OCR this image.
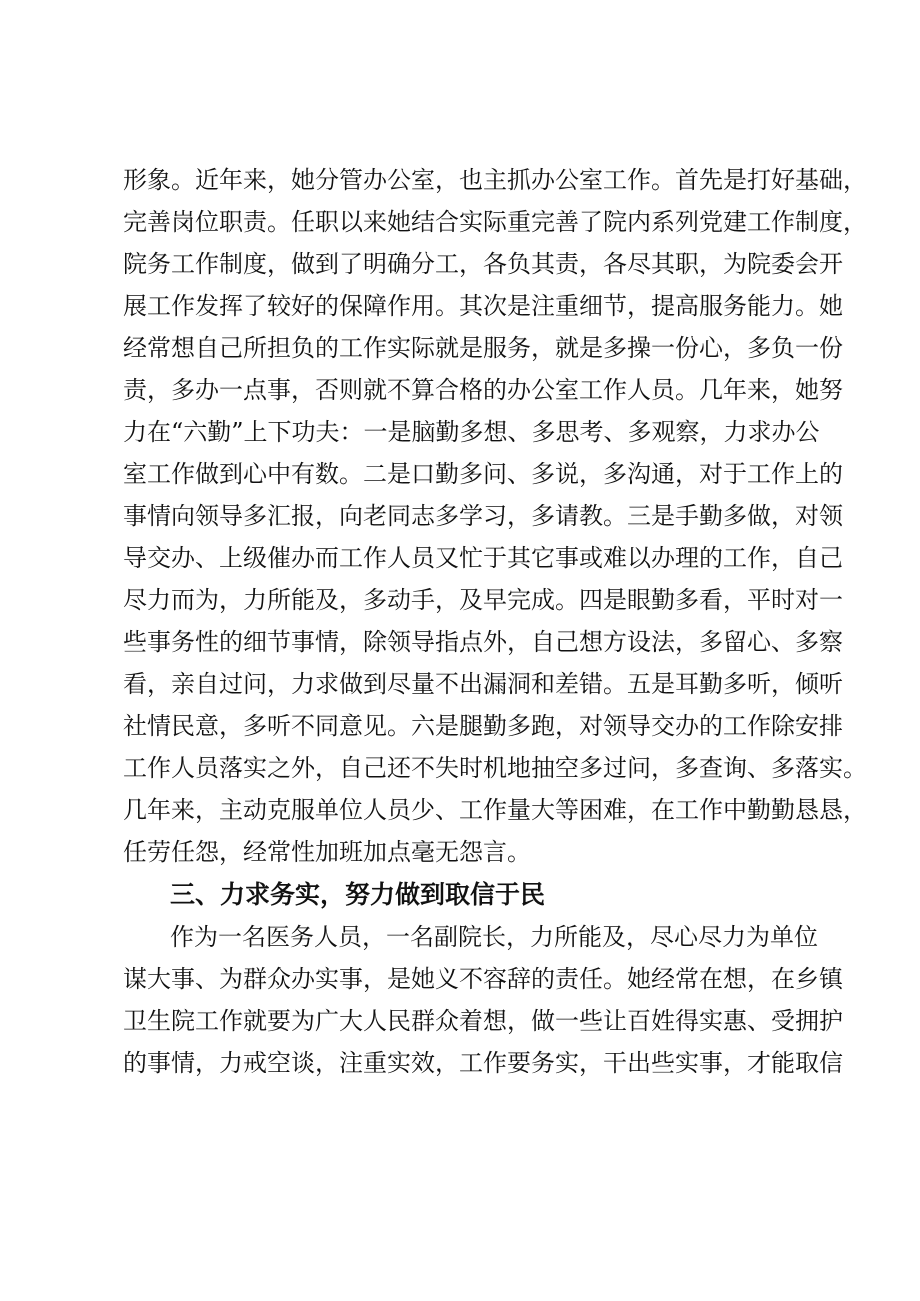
形象。近年来，她分管办公室，也主抓办公室工作。首先是打好基础，
完善岗位职责。任职以来她结合实际重完善了院内系列党建工作制度，
院务工作制度，做到了明确分工，各负其责，各尽其职，为院委会开
展工作发挥了较好的保障作用。其次是注重细节，提高服务能力。她
经常想自己所担负的工作实际就是服务，就是多操一份心，多负一份
责，多办一点事，否则就不算合格的办公室工作人员。几年来，她努
力在“六勤”上下功夫：一是脑勤多想、多思考、多观察，力求办公
室工作做到心中有数。二是口勤多问、多说，多沟通，对于工作上的
事情向领导多汇报，向老同志多学习，多请教。三是手勤多做，对领
导交办、上级催办而工作人员又忙于其它事或难以办理的工作，自己
尽力而为，力所能及，多动手，及早完成。四是眼勤多看，平时对一
些事务性的细节事情，除领导指点外，自己想方设法，多留心、多察
看，亲自过问，力求做到尽量不出漏洞和差错。五是耳勤多听，倾听
社情民意，多听不同意见。六是腿勤多跑，对领导交办的工作除安排
工作人员落实之外，自己还不失时机地抽空多过问，多查询、多落实。
几年来，主动克服单位人员少、工作量大等困难，在工作中勤勤恳恳，
任劳任怨，经常性加班加点毫无怨言。
三、力求务实，努力做到取信于民
作为一名医务人员，一名副院长，力所能及，尽心尽力为单位
谋大事、为群众办实事，是她义不容辞的责任。她经常在想，在乡镇
卫生院工作就要为广大人民群众着想，做一些让百姓得实惠、受拥护
的事情，力戒空谈，注重实效，工作要务实，干出些实事，才能取信
